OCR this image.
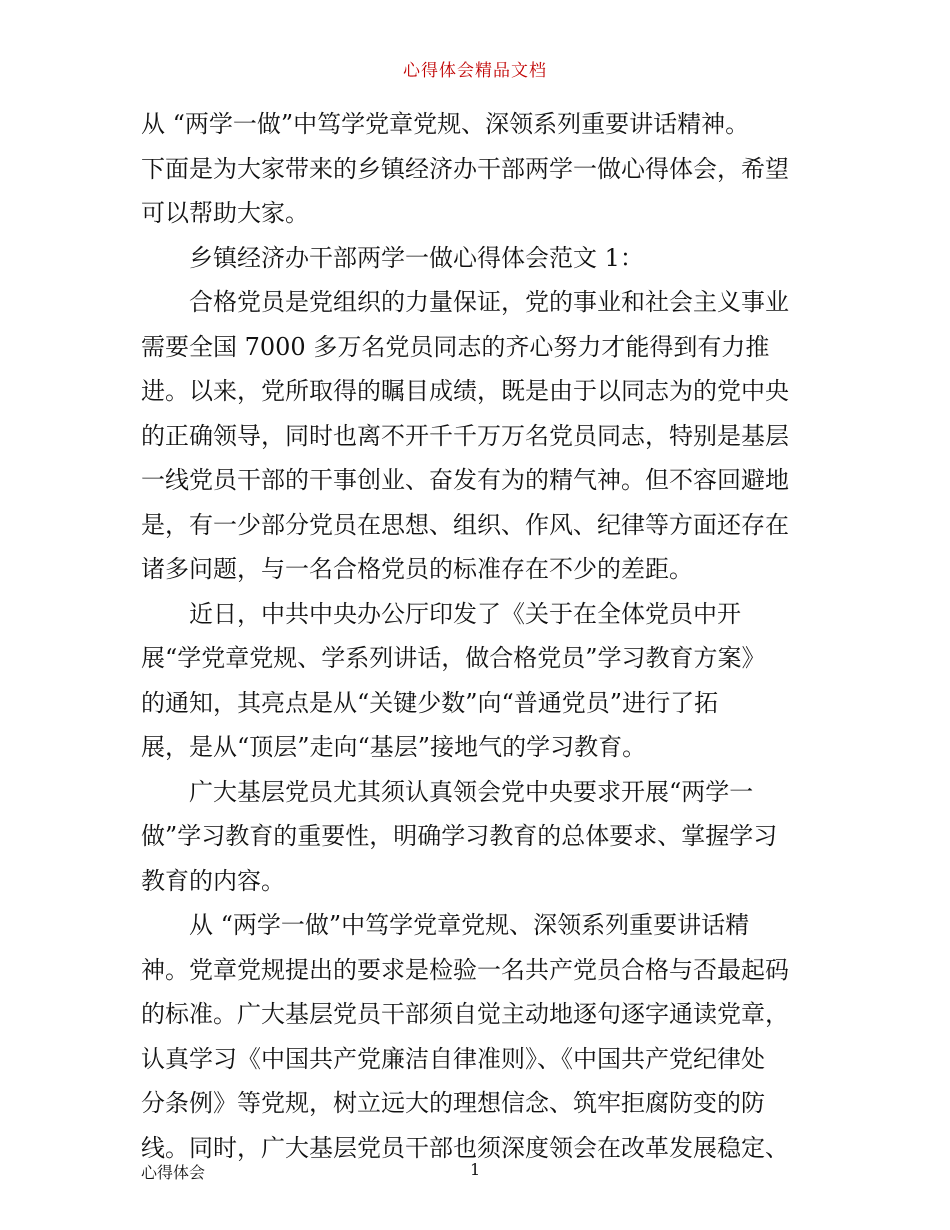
心得体会精品文档
从 “两学一做”中笃学党章党规、深领系列重要讲话精神。
下面是为大家带来的乡镇经济办干部两学一做心得体会，希望
可以帮助大家。
乡镇经济办干部两学一做心得体会范文 1：
合格党员是党组织的力量保证，党的事业和社会主义事业
需要全国 7000 多万名党员同志的齐心努力才能得到有力推
进。以来，党所取得的瞩目成绩，既是由于以同志为的党中央
的正确领导，同时也离不开千千万万名党员同志，特别是基层
一线党员干部的干事创业、奋发有为的精气神。但不容回避地
是，有一少部分党员在思想、组织、作风、纪律等方面还存在
诸多问题，与一名合格党员的标准存在不少的差距。
近日，中共中央办公厅印发了《关于在全体党员中开
展“学党章党规、学系列讲话，做合格党员”学习教育方案》
的通知，其亮点是从“关键少数”向“普通党员”进行了拓
展，是从“顶层”走向“基层”接地气的学习教育。
广大基层党员尤其须认真领会党中央要求开展“两学一
做”学习教育的重要性，明确学习教育的总体要求、掌握学习
教育的内容。
从 “两学一做”中笃学党章党规、深领系列重要讲话精
神。党章党规提出的要求是检验一名共产党员合格与否最起码
的标准。广大基层党员干部须自觉主动地逐句逐字通读党章，
认真学习《中国共产党廉洁自律准则》、《中国共产党纪律处
分条例》等党规，树立远大的理想信念、筑牢拒腐防变的防
线。同时，广大基层党员干部也须深度领会在改革发展稳定、
心得体会	1
